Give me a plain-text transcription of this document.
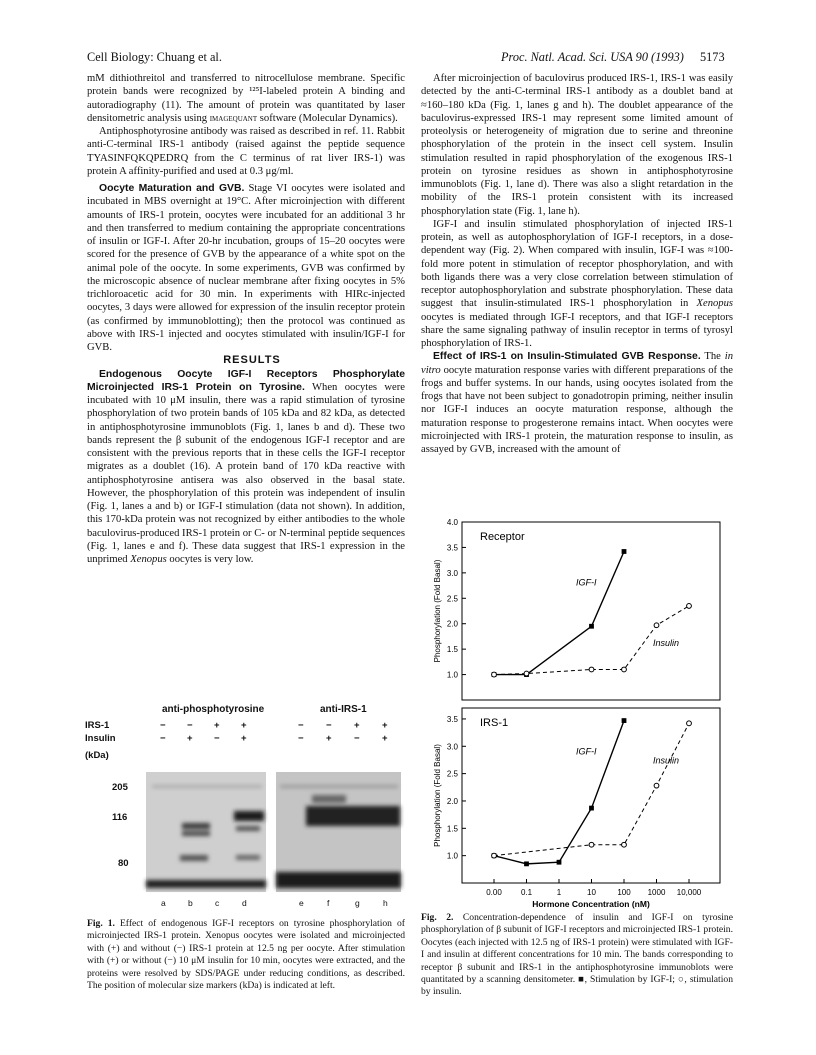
Cell Biology: Chuang et al.	Proc. Natl. Acad. Sci. USA 90 (1993) 5173

mM dithiothreitol and transferred to nitrocellulose membrane. Specific protein bands were recognized by ¹²⁵I-labeled protein A binding and autoradiography (11). The amount of protein was quantitated by laser densitometric analysis using imagequant software (Molecular Dynamics).

Antiphosphotyrosine antibody was raised as described in ref. 11. Rabbit anti-C-terminal IRS-1 antibody (raised against the peptide sequence TYASINFQKQPEDRQ from the C terminus of rat liver IRS-1) was protein A affinity-purified and used at 0.3 μg/ml.

Oocyte Maturation and GVB. Stage VI oocytes were isolated and incubated in MBS overnight at 19°C. After microinjection with different amounts of IRS-1 protein, oocytes were incubated for an additional 3 hr and then transferred to medium containing the appropriate concentrations of insulin or IGF-I. After 20-hr incubation, groups of 15–20 oocytes were scored for the presence of GVB by the appearance of a white spot on the animal pole of the oocyte. In some experiments, GVB was confirmed by the microscopic absence of nuclear membrane after fixing oocytes in 5% trichloroacetic acid for 30 min. In experiments with HIRc-injected oocytes, 3 days were allowed for expression of the insulin receptor protein (as confirmed by immunoblotting); then the protocol was continued as above with IRS-1 injected and oocytes stimulated with insulin/IGF-I for GVB.

RESULTS

Endogenous Oocyte IGF-I Receptors Phosphorylate Microinjected IRS-1 Protein on Tyrosine. When oocytes were incubated with 10 μM insulin, there was a rapid stimulation of tyrosine phosphorylation of two protein bands of 105 kDa and 82 kDa, as detected in antiphosphotyrosine immunoblots (Fig. 1, lanes b and d). These two bands represent the β subunit of the endogenous IGF-I receptor and are consistent with the previous reports that in these cells the IGF-I receptor migrates as a doublet (16). A protein band of 170 kDa reactive with antiphosphotyrosine antisera was also observed in the basal state. However, the phosphorylation of this protein was independent of insulin (Fig. 1, lanes a and b) or IGF-I stimulation (data not shown). In addition, this 170-kDa protein was not recognized by either antibodies to the whole baculovirus-produced IRS-1 protein or C- or N-terminal peptide sequences (Fig. 1, lanes e and f). These data suggest that IRS-1 expression in the unprimed Xenopus oocytes is very low.

anti-phosphotyrosine	anti-IRS-1
IRS-1
Insulin
(kDa)
− − + +	− − + +
− + − +	− + − +
205
116
80
a	b	c	d	e	f	g	h
Fig. 1. Effect of endogenous IGF-I receptors on tyrosine phosphorylation of microinjected IRS-1 protein. Xenopus oocytes were isolated and microinjected with (+) and without (−) IRS-1 protein at 12.5 ng per oocyte. After stimulation with (+) or without (−) 10 μM insulin for 10 min, oocytes were extracted, and the proteins were resolved by SDS/PAGE under reducing conditions, as described. The position of molecular size markers (kDa) is indicated at left.

After microinjection of baculovirus produced IRS-1, IRS-1 was easily detected by the anti-C-terminal IRS-1 antibody as a doublet band at ≈160–180 kDa (Fig. 1, lanes g and h). The doublet appearance of the baculovirus-expressed IRS-1 may represent some limited amount of proteolysis or heterogeneity of migration due to serine and threonine phosphorylation of the protein in the insect cell system. Insulin stimulation resulted in rapid phosphorylation of the exogenous IRS-1 protein on tyrosine residues as shown in antiphosphotyrosine immunoblots (Fig. 1, lane d). There was also a slight retardation in the mobility of the IRS-1 protein consistent with its increased phosphorylation state (Fig. 1, lane h).

IGF-I and insulin stimulated phosphorylation of injected IRS-1 protein, as well as autophosphorylation of IGF-I receptors, in a dose-dependent way (Fig. 2). When compared with insulin, IGF-I was ≈100-fold more potent in stimulation of receptor phosphorylation, and with both ligands there was a very close correlation between stimulation of receptor autophosphorylation and substrate phosphorylation. These data suggest that insulin-stimulated IRS-1 phosphorylation in Xenopus oocytes is mediated through IGF-I receptors, and that IGF-I receptors share the same signaling pathway of insulin receptor in terms of tyrosyl phosphorylation of IRS-1.

Effect of IRS-1 on Insulin-Stimulated GVB Response. The in vitro oocyte maturation response varies with different preparations of the frogs and buffer systems. In our hands, using oocytes isolated from the frogs that have not been subject to gonadotropin priming, neither insulin nor IGF-I induces an oocyte maturation response, although the maturation response to progesterone remains intact. When oocytes were microinjected with IRS-1 protein, the maturation response to insulin, as assayed by GVB, increased with the amount of

4.0
3.5
3.0
2.5
2.0
1.5
1.0
Receptor
Phosphorylation (Fold Basal)	IGF-I
Insulin
3.5
3.0
2.5
2.0
1.5
1.0
IRS-1
Phosphorylation (Fold Basal)	IGF-I
Insulin
0.00 0.1	1	10	100 1000 10,000
Hormone Concentration (nM)
Fig. 2. Concentration-dependence of insulin and IGF-I on tyrosine phosphorylation of β subunit of IGF-I receptors and microinjected IRS-1 protein. Oocytes (each injected with 12.5 ng of IRS-1 protein) were stimulated with IGF-I and insulin at different concentrations for 10 min. The bands corresponding to receptor β subunit and IRS-1 in the antiphosphotyrosine immunoblots were quantitated by a scanning densitometer. ■, Stimulation by IGF-I; ○, stimulation by insulin.
